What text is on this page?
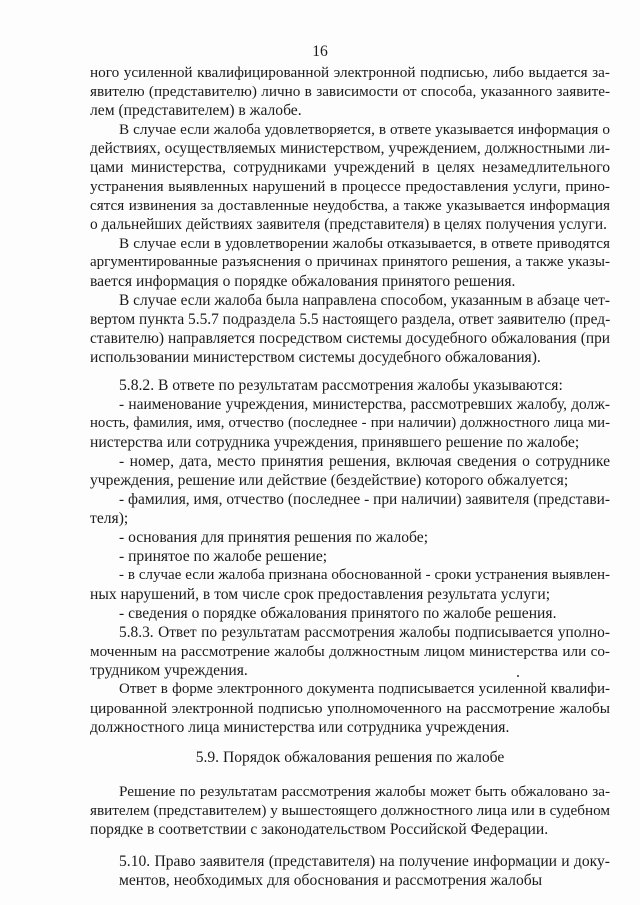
16

ного усиленной квалифицированной электронной подписью, либо выдается за-

явителю (представителю) лично в зависимости от способа, указанного заявите-

лем (представителем) в жалобе.

В случае если жалоба удовлетворяется, в ответе указывается информация о

действиях, осуществляемых министерством, учреждением, должностными ли-

цами министерства, сотрудниками учреждений в целях незамедлительного

устранения выявленных нарушений в процессе предоставления услуги, прино-

сятся извинения за доставленные неудобства, а также указывается информация

о дальнейших действиях заявителя (представителя) в целях получения услуги.

В случае если в удовлетворении жалобы отказывается, в ответе приводятся

аргументированные разъяснения о причинах принятого решения, а также указы-

вается информация о порядке обжалования принятого решения.

В случае если жалоба была направлена способом, указанным в абзаце чет-

вертом пункта 5.5.7 подраздела 5.5 настоящего раздела, ответ заявителю (пред-

ставителю) направляется посредством системы досудебного обжалования (при

использовании министерством системы досудебного обжалования).

5.8.2. В ответе по результатам рассмотрения жалобы указываются:

- наименование учреждения, министерства, рассмотревших жалобу, долж-

ность, фамилия, имя, отчество (последнее - при наличии) должностного лица ми-

нистерства или сотрудника учреждения, принявшего решение по жалобе;

- номер, дата, место принятия решения, включая сведения о сотруднике

учреждения, решение или действие (бездействие) которого обжалуется;

- фамилия, имя, отчество (последнее - при наличии) заявителя (представи-

теля);

- основания для принятия решения по жалобе;

- принятое по жалобе решение;

- в случае если жалоба признана обоснованной - сроки устранения выявлен-

ных нарушений, в том числе срок предоставления результата услуги;

- сведения о порядке обжалования принятого по жалобе решения.

5.8.3. Ответ по результатам рассмотрения жалобы подписывается уполно-

моченным на рассмотрение жалобы должностным лицом министерства или со-

трудником учреждения.

Ответ в форме электронного документа подписывается усиленной квалифи-

цированной электронной подписью уполномоченного на рассмотрение жалобы

должностного лица министерства или сотрудника учреждения.

5.9. Порядок обжалования решения по жалобе

Решение по результатам рассмотрения жалобы может быть обжаловано за-

явителем (представителем) у вышестоящего должностного лица или в судебном

порядке в соответствии с законодательством Российской Федерации.

5.10. Право заявителя (представителя) на получение информации и доку-

ментов, необходимых для обоснования и рассмотрения жалобы
